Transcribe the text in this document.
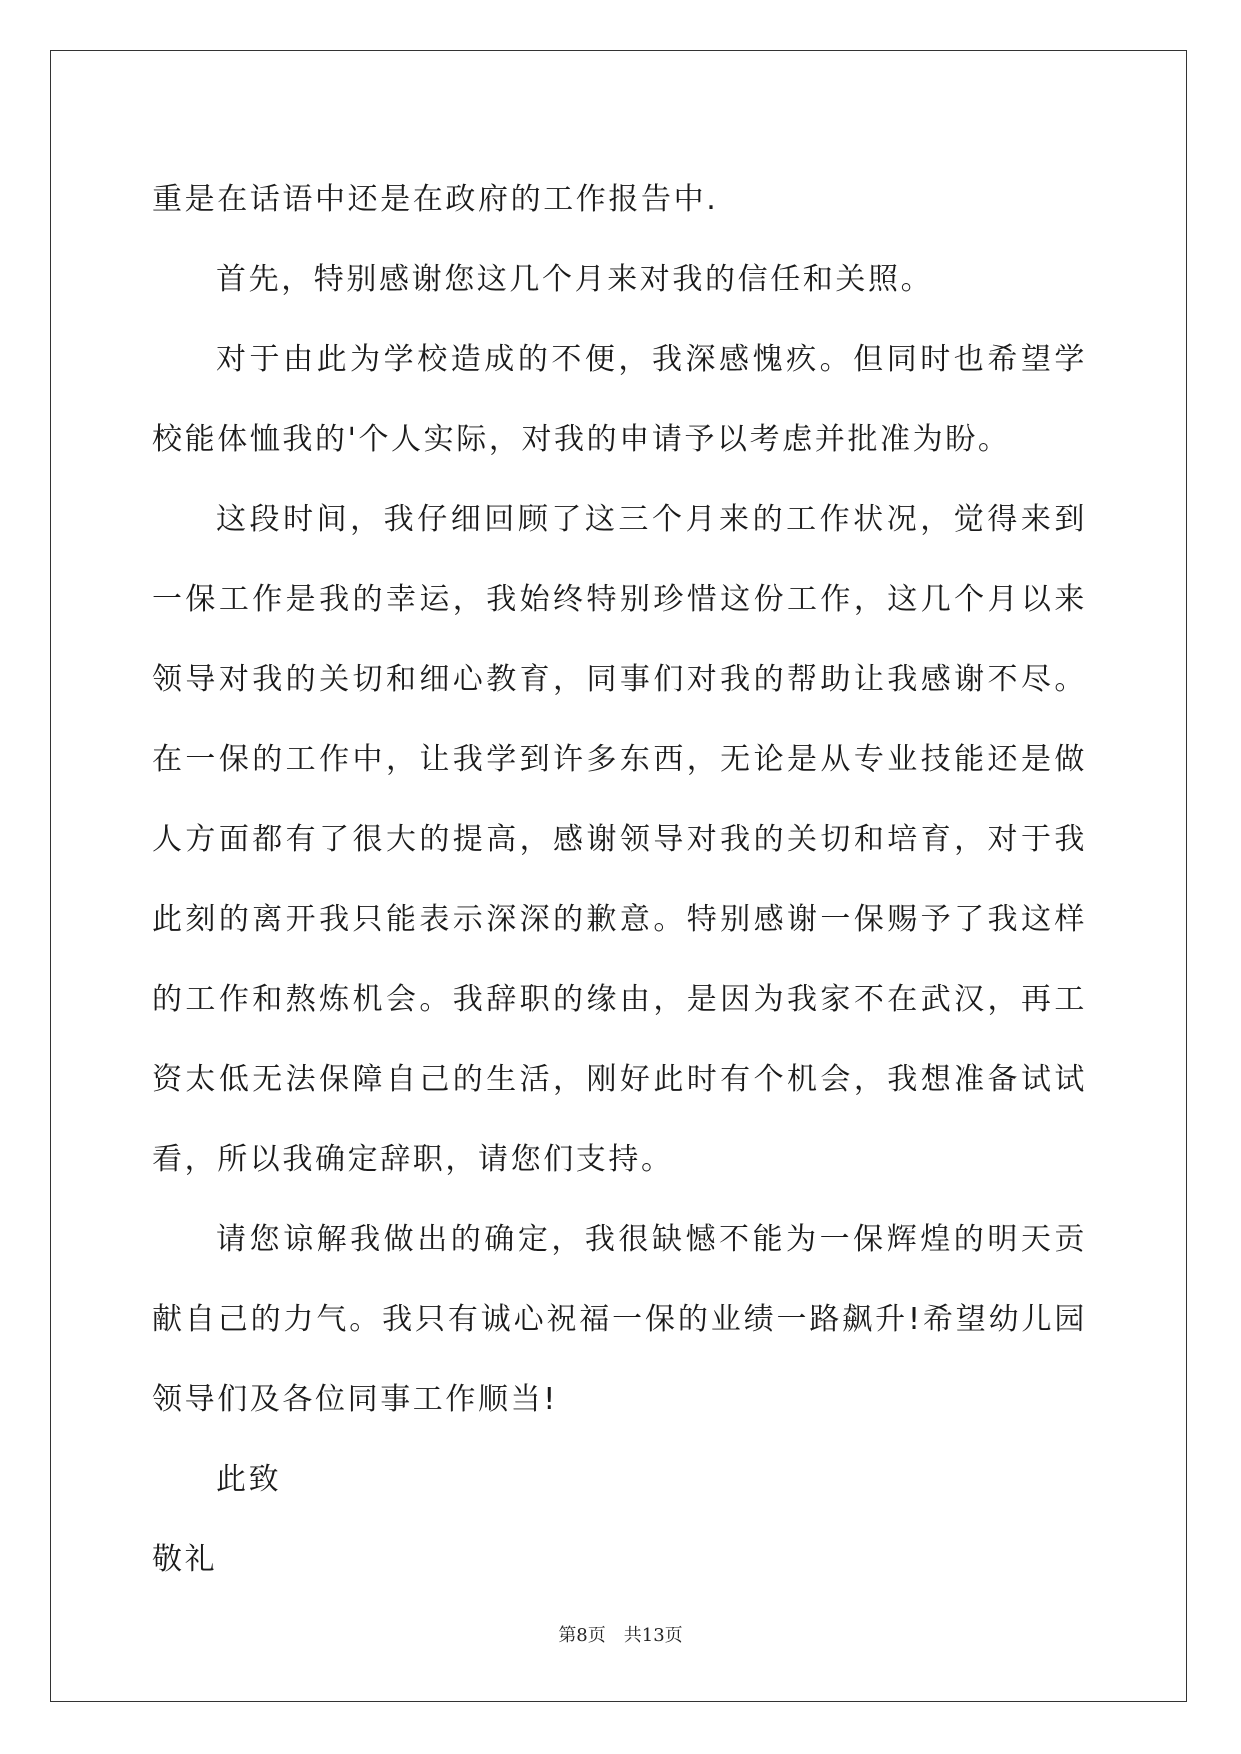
重是在话语中还是在政府的工作报告中.

首先，特别感谢您这几个月来对我的信任和关照。

对于由此为学校造成的不便，我深感愧疚。但同时也希望学校能体恤我的'个人实际，对我的申请予以考虑并批准为盼。

这段时间，我仔细回顾了这三个月来的工作状况，觉得来到一保工作是我的幸运，我始终特别珍惜这份工作，这几个月以来领导对我的关切和细心教育，同事们对我的帮助让我感谢不尽。在一保的工作中，让我学到许多东西，无论是从专业技能还是做人方面都有了很大的提高，感谢领导对我的关切和培育，对于我此刻的离开我只能表示深深的歉意。特别感谢一保赐予了我这样的工作和熬炼机会。我辞职的缘由，是因为我家不在武汉，再工资太低无法保障自己的生活，刚好此时有个机会，我想准备试试看，所以我确定辞职，请您们支持。

请您谅解我做出的确定，我很缺憾不能为一保辉煌的明天贡献自己的力气。我只有诚心祝福一保的业绩一路飙升!希望幼儿园领导们及各位同事工作顺当!

此致

敬礼

第8页　共13页
